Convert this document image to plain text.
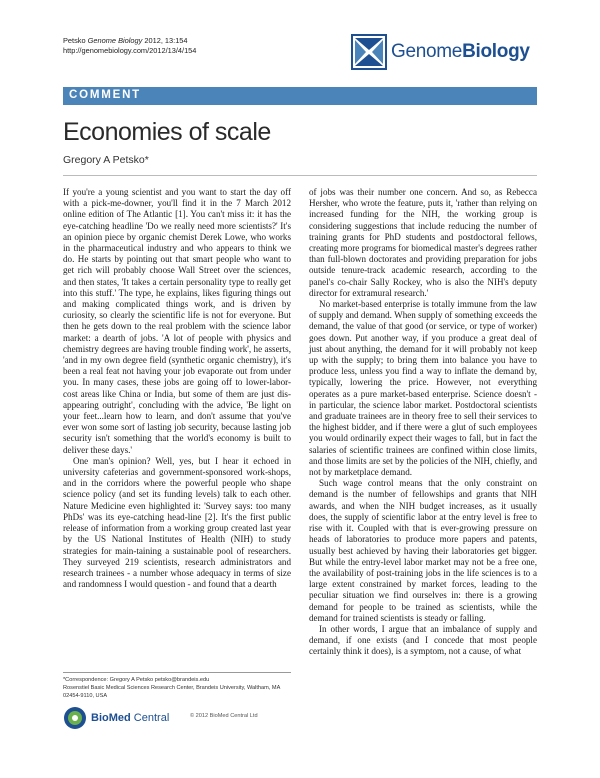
Petsko Genome Biology 2012, 13:154
http://genomebiology.com/2012/13/4/154	GenomeBiology
COMMENT
Economies of scale
Gregory A Petsko*

If you're a young scientist and you want to start the day off with a pick-me-downer, you'll find it in the 7 March 2012 online edition of The Atlantic [1]. You can't miss it: it has the eye-catching headline 'Do we really need more scientists?' It's an opinion piece by organic chemist Derek Lowe, who works in the pharmaceutical industry and who appears to think we do. He starts by pointing out that smart people who want to get rich will probably choose Wall Street over the sciences, and then states, 'It takes a certain personality type to really get into this stuff.' The type, he explains, likes figuring things out and making complicated things work, and is driven by curiosity, so clearly the scientific life is not for everyone. But then he gets down to the real problem with the science labor market: a dearth of jobs. 'A lot of people with physics and chemistry degrees are having trouble finding work', he asserts, 'and in my own degree field (synthetic organic chemistry), it's been a real feat not having your job evaporate out from under you. In many cases, these jobs are going off to lower-labor-cost areas like China or India, but some of them are just dis-appearing outright', concluding with the advice, 'Be light on your feet...learn how to learn, and don't assume that you've ever won some sort of lasting job security, because lasting job security isn't something that the world's economy is built to deliver these days.'

One man's opinion? Well, yes, but I hear it echoed in university cafeterias and government-sponsored work-shops, and in the corridors where the powerful people who shape science policy (and set its funding levels) talk to each other. Nature Medicine even highlighted it: 'Survey says: too many PhDs' was its eye-catching head-line [2]. It's the first public release of information from a working group created last year by the US National Institutes of Health (NIH) to study strategies for main-taining a sustainable pool of researchers. They surveyed 219 scientists, research administrators and research trainees - a number whose adequacy in terms of size and randomness I would question - and found that a dearth

of jobs was their number one concern. And so, as Rebecca Hersher, who wrote the feature, puts it, 'rather than relying on increased funding for the NIH, the working group is considering suggestions that include reducing the number of training grants for PhD students and postdoctoral fellows, creating more programs for biomedical master's degrees rather than full-blown doctorates and providing preparation for jobs outside tenure-track academic research, according to the panel's co-chair Sally Rockey, who is also the NIH's deputy director for extramural research.'

No market-based enterprise is totally immune from the law of supply and demand. When supply of something exceeds the demand, the value of that good (or service, or type of worker) goes down. Put another way, if you produce a great deal of just about anything, the demand for it will probably not keep up with the supply; to bring them into balance you have to produce less, unless you find a way to inflate the demand by, typically, lowering the price. However, not everything operates as a pure market-based enterprise. Science doesn't - in particular, the science labor market. Postdoctoral scientists and graduate trainees are in theory free to sell their services to the highest bidder, and if there were a glut of such employees you would ordinarily expect their wages to fall, but in fact the salaries of scientific trainees are confined within close limits, and those limits are set by the policies of the NIH, chiefly, and not by marketplace demand.

Such wage control means that the only constraint on demand is the number of fellowships and grants that NIH awards, and when the NIH budget increases, as it usually does, the supply of scientific labor at the entry level is free to rise with it. Coupled with that is ever-growing pressure on heads of laboratories to produce more papers and patents, usually best achieved by having their laboratories get bigger. But while the entry-level labor market may not be a free one, the availability of post-training jobs in the life sciences is to a large extent constrained by market forces, leading to the peculiar situation we find ourselves in: there is a growing demand for people to be trained as scientists, while the demand for trained scientists is steady or falling.

In other words, I argue that an imbalance of supply and demand, if one exists (and I concede that most people certainly think it does), is a symptom, not a cause, of what

*Correspondence: Gregory A Petsko petsko@brandeis.edu
Rosenstiel Basic Medical Sciences Research Center, Brandeis University, Waltham, MA 02454-9110, USA
BioMed Central	© 2012 BioMed Central Ltd
